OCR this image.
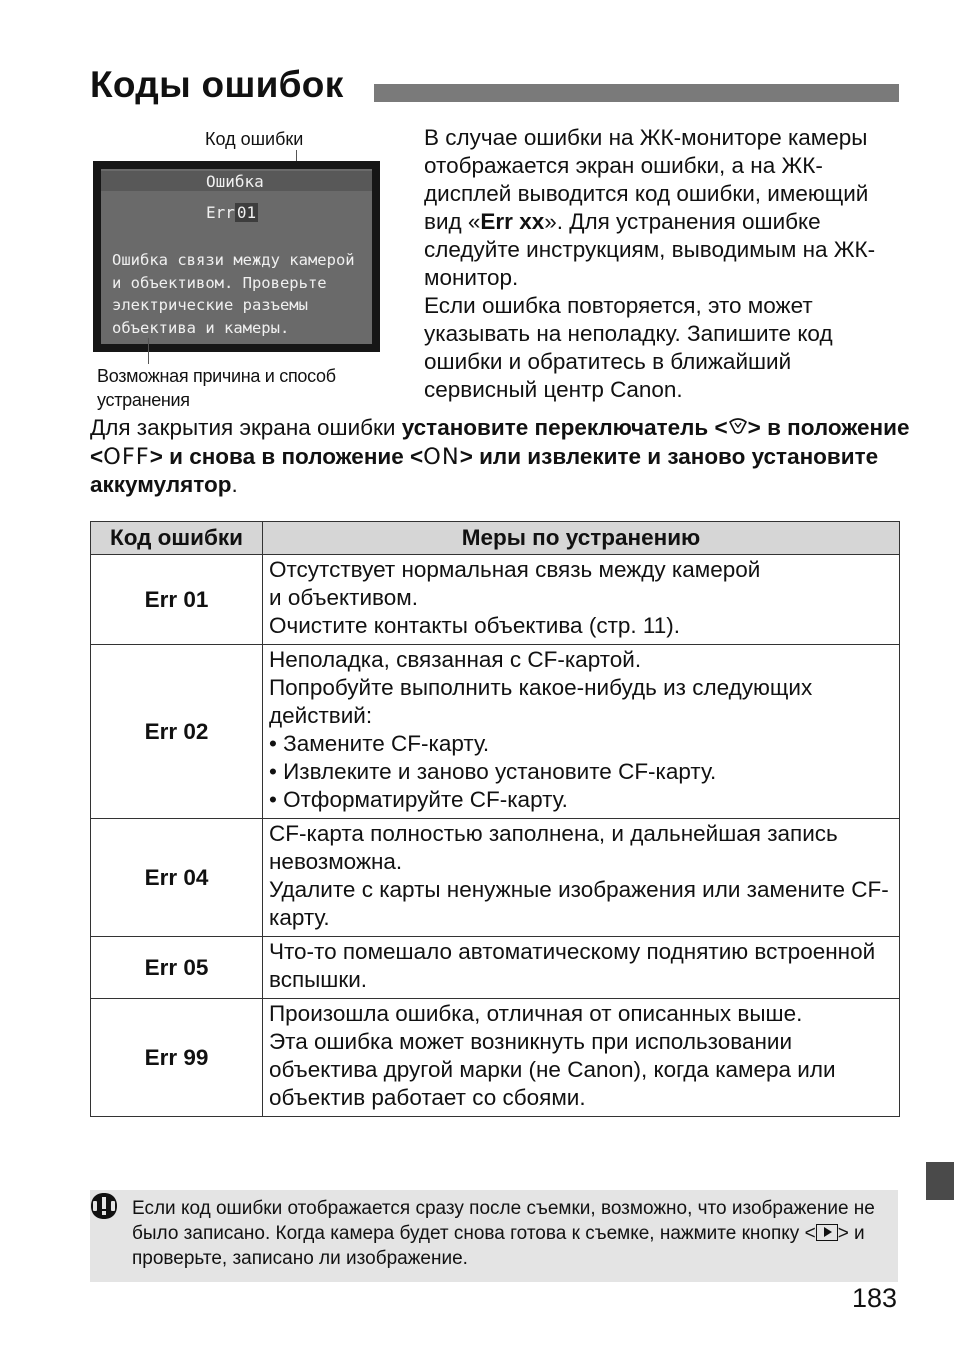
Коды ошибок
Код ошибки
Ошибка
Err 01
Ошибка связи между камерой
и объективом. Проверьте
электрические разъемы
объектива и камеры.
Возможная причина и способ устранения
В случае ошибки на ЖК-мониторе камеры отображается экран ошибки, а на ЖК-дисплей выводится код ошибки, имеющий вид «Err xx». Для устранения ошибке следуйте инструкциям, выводимым на ЖК-монитор.
Если ошибка повторяется, это может указывать на неполадку. Запишите код ошибки и обратитесь в ближайший сервисный центр Canon.
Для закрытия экрана ошибки установите переключатель < > в положение <OFF> и снова в положение <ON> или извлеките и заново установите аккумулятор.
Код ошибки	Меры по устранению
Err 01	Отсутствует нормальная связь между камерой
и объективом.
Очистите контакты объектива (стр. 11).

Err 02	Неполадка, связанная с CF-картой.
Попробуйте выполнить какое-нибудь из следующих действий:
• Замените CF-карту.
• Извлеките и заново установите CF-карту.
• Отформатируйте CF-карту.

Err 04	CF-карта полностью заполнена, и дальнейшая запись невозможна.
Удалите с карты ненужные изображения или замените CF-карту.

Err 05	Что-то помешало автоматическому поднятию встроенной вспышки.

Err 99	Произошла ошибка, отличная от описанных выше.
Эта ошибка может возникнуть при использовании объектива другой марки (не Canon), когда камера или объектив работает со сбоями.
Если код ошибки отображается сразу после съемки, возможно, что изображение не было записано. Когда камера будет снова готова к съемке, нажмите кнопку < > и проверьте, записано ли изображение.
183
